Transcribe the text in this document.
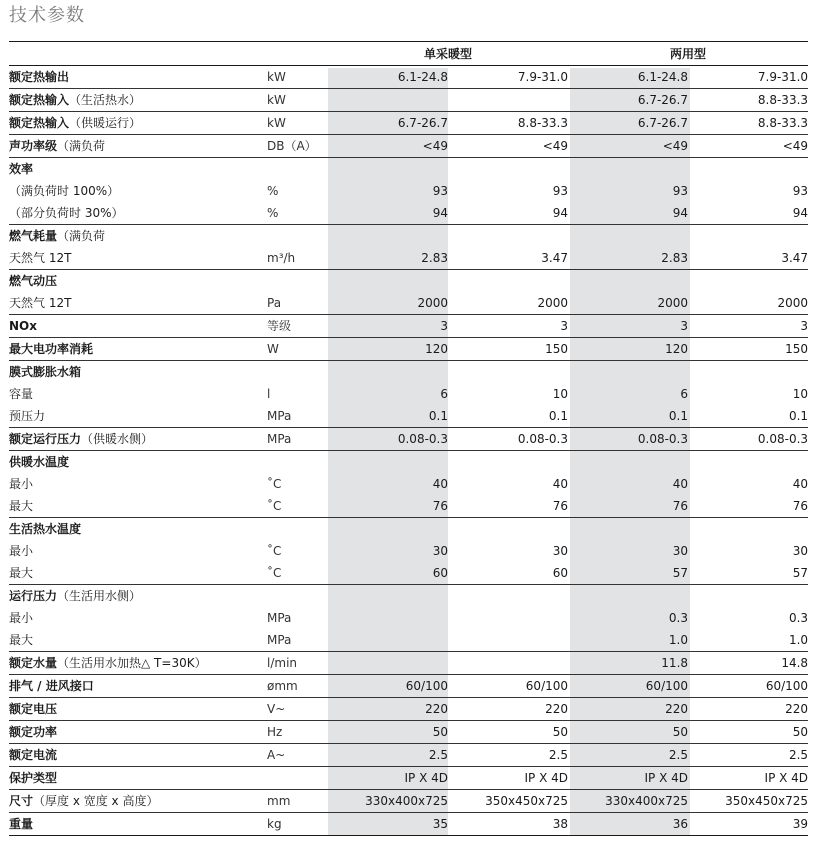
技术参数
		单采暖型		两用型	
额定热输出	kW	6.1-24.8	7.9-31.0	6.1-24.8	7.9-31.0
额定热输入（生活热水）	kW			6.7-26.7	8.8-33.3
额定热输入（供暖运行）	kW	6.7-26.7	8.8-33.3	6.7-26.7	8.8-33.3
声功率级（满负荷	DB（A）	<49	<49	<49	<49
效率					
（满负荷时 100%）	%	93	93	93	93
（部分负荷时 30%）	%	94	94	94	94
燃气耗量（满负荷					
天然气 12T	m³/h	2.83	3.47	2.83	3.47
燃气动压					
天然气 12T	Pa	2000	2000	2000	2000
NOx	等级	3	3	3	3
最大电功率消耗	W	120	150	120	150
膜式膨胀水箱					
容量	l	6	10	6	10
预压力	MPa	0.1	0.1	0.1	0.1
额定运行压力（供暖水侧）	MPa	0.08-0.3	0.08-0.3	0.08-0.3	0.08-0.3
供暖水温度					
最小	˚C	40	40	40	40
最大	˚C	76	76	76	76
生活热水温度					
最小	˚C	30	30	30	30
最大	˚C	60	60	57	57
运行压力（生活用水侧）					
最小	MPa			0.3	0.3
最大	MPa			1.0	1.0
额定水量（生活用水加热△ T=30K）	l/min			11.8	14.8
排气 / 进风接口	ømm	60/100	60/100	60/100	60/100
额定电压	V~	220	220	220	220
额定功率	Hz	50	50	50	50
额定电流	A~	2.5	2.5	2.5	2.5
保护类型		IP X 4D	IP X 4D	IP X 4D	IP X 4D
尺寸（厚度 x 宽度 x 高度）	mm	330x400x725	350x450x725	330x400x725	350x450x725
重量	kg	35	38	36	39
